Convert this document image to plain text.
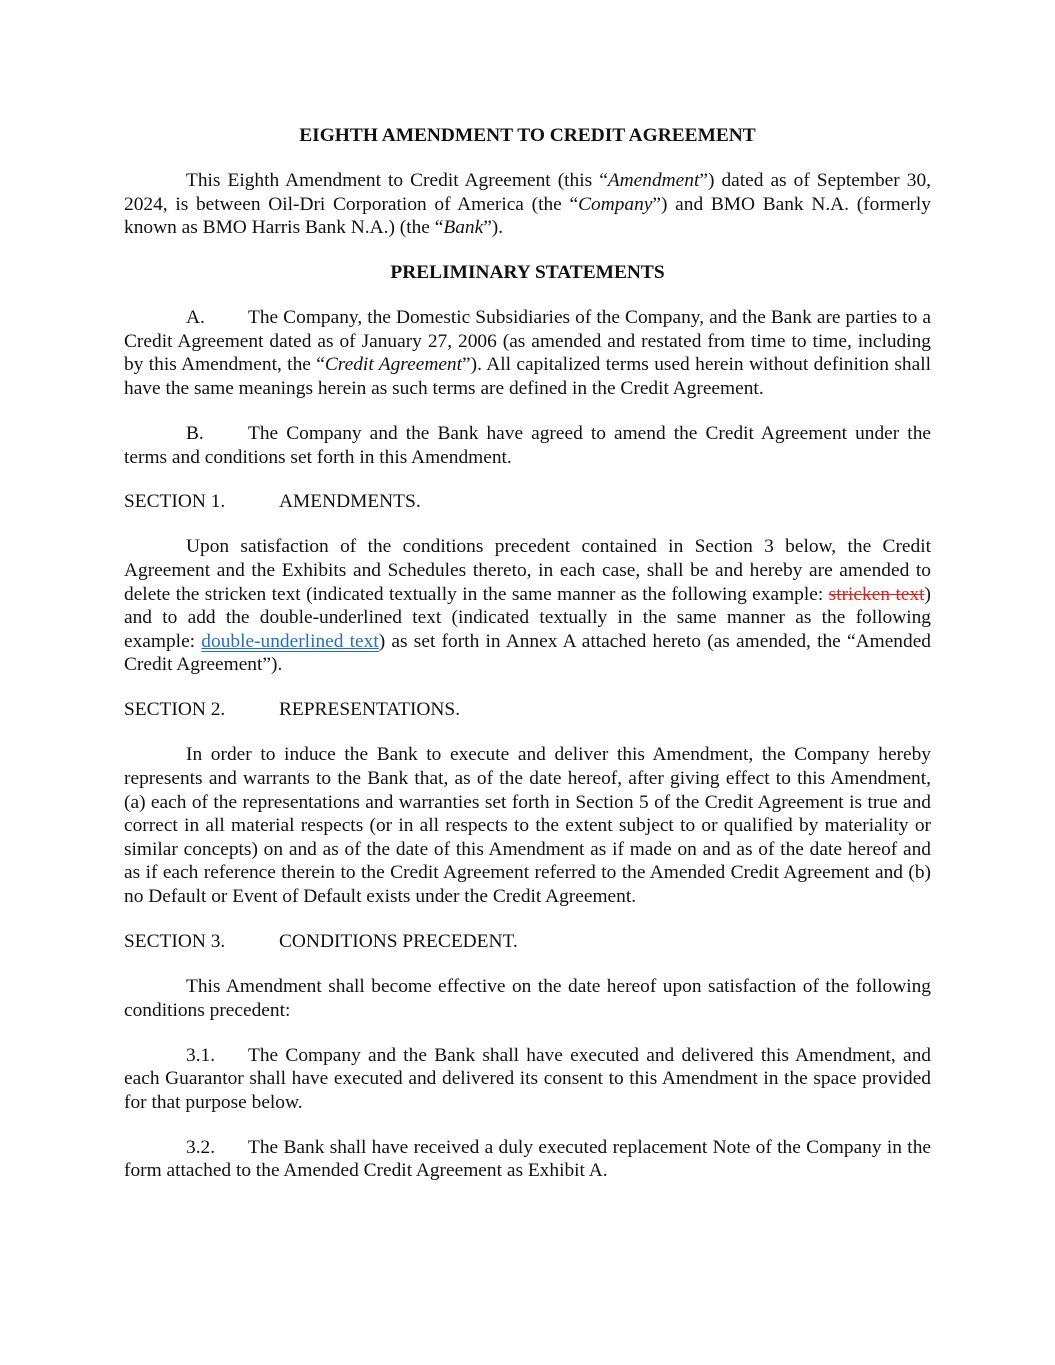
EIGHTH AMENDMENT TO CREDIT AGREEMENT

This Eighth Amendment to Credit Agreement (this “Amendment”) dated as of September 30, 2024, is between Oil-Dri Corporation of America (the “Company”) and BMO Bank N.A. (formerly known as BMO Harris Bank N.A.) (the “Bank”).

PRELIMINARY STATEMENTS

A. The Company, the Domestic Subsidiaries of the Company, and the Bank are parties to a Credit Agreement dated as of January 27, 2006 (as amended and restated from time to time, including by this Amendment, the “Credit Agreement”). All capitalized terms used herein without definition shall have the same meanings herein as such terms are defined in the Credit Agreement.

B. The Company and the Bank have agreed to amend the Credit Agreement under the terms and conditions set forth in this Amendment.

SECTION 1.	AMENDMENTS.

Upon satisfaction of the conditions precedent contained in Section 3 below, the Credit Agreement and the Exhibits and Schedules thereto, in each case, shall be and hereby are amended to delete the stricken text (indicated textually in the same manner as the following example: stricken text) and to add the double-underlined text (indicated textually in the same manner as the following example: double-underlined text) as set forth in Annex A attached hereto (as amended, the “Amended Credit Agreement”).

SECTION 2.	REPRESENTATIONS.

In order to induce the Bank to execute and deliver this Amendment, the Company hereby represents and warrants to the Bank that, as of the date hereof, after giving effect to this Amendment, (a) each of the representations and warranties set forth in Section 5 of the Credit Agreement is true and correct in all material respects (or in all respects to the extent subject to or qualified by materiality or similar concepts) on and as of the date of this Amendment as if made on and as of the date hereof and as if each reference therein to the Credit Agreement referred to the Amended Credit Agreement and (b) no Default or Event of Default exists under the Credit Agreement.

SECTION 3.	CONDITIONS PRECEDENT.

This Amendment shall become effective on the date hereof upon satisfaction of the following conditions precedent:

3.1. The Company and the Bank shall have executed and delivered this Amendment, and each Guarantor shall have executed and delivered its consent to this Amendment in the space provided for that purpose below.

3.2. The Bank shall have received a duly executed replacement Note of the Company in the form attached to the Amended Credit Agreement as Exhibit A.
